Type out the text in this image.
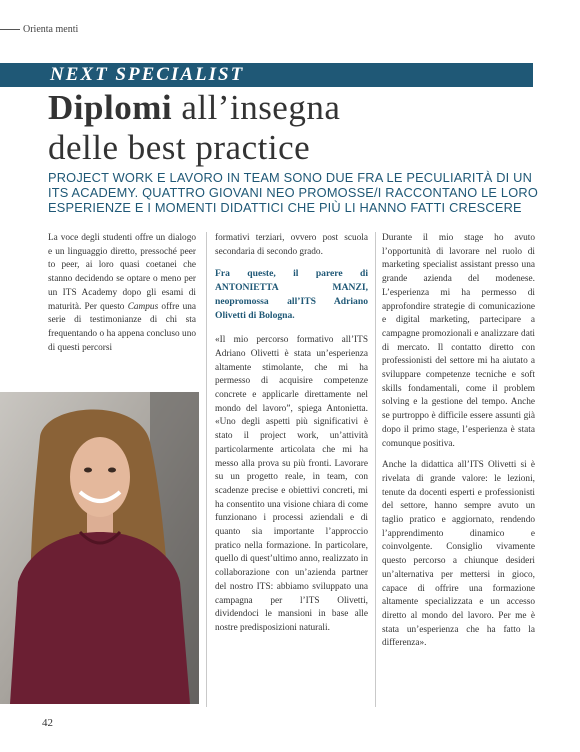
Orienta menti
NEXT SPECIALIST
Diplomi all’insegna
delle best practice
PROJECT WORK E LAVORO IN TEAM SONO DUE FRA LE PECULIARITÀ DI UN ITS ACADEMY. QUATTRO GIOVANI NEO PROMOSSE/I RACCONTANO LE LORO ESPERIENZE E I MOMENTI DIDATTICI CHE PIÙ LI HANNO FATTI CRESCERE

La voce degli studenti offre un dialogo e un linguaggio diretto, pressoché peer to peer, ai loro quasi coetanei che stanno decidendo se optare o meno per un ITS Academy dopo gli esami di maturità. Per questo Campus offre una serie di testimonianze di chi sta frequentando o ha appena concluso uno di questi percorsi

formativi terziari, ovvero post scuola secondaria di secondo grado.

Fra queste, il parere di ANTONIETTA MANZI, neopromossa all’ITS Adriano Olivetti di Bologna.

«Il mio percorso formativo all’ITS Adriano Olivetti è stata un’esperienza altamente stimolante, che mi ha permesso di acquisire competenze concrete e applicarle direttamente nel mondo del lavoro”, spiega Antonietta. «Uno degli aspetti più significativi è stato il project work, un’attività particolarmente articolata che mi ha messo alla prova su più fronti. Lavorare su un progetto reale, in team, con scadenze precise e obiettivi concreti, mi ha consentito una visione chiara di come funzionano i processi aziendali e di quanto sia importante l’approccio pratico nella formazione. In particolare, quello di quest’ultimo anno, realizzato in collaborazione con un’azienda partner del nostro ITS: abbiamo sviluppato una campagna per l’ITS Olivetti, dividendoci le mansioni in base alle nostre predisposizioni naturali.

Durante il mio stage ho avuto l’opportunità di lavorare nel ruolo di marketing specialist assistant presso una grande azienda del modenese. L’esperienza mi ha permesso di approfondire strategie di comunicazione e digital marketing, partecipare a campagne promozionali e analizzare dati di mercato. Il contatto diretto con professionisti del settore mi ha aiutato a sviluppare competenze tecniche e soft skills fondamentali, come il problem solving e la gestione del tempo. Anche se purtroppo è difficile essere assunti già dopo il primo stage, l’esperienza è stata comunque positiva.

Anche la didattica all’ITS Olivetti si è rivelata di grande valore: le lezioni, tenute da docenti esperti e professionisti del settore, hanno sempre avuto un taglio pratico e aggiornato, rendendo l’apprendimento dinamico e coinvolgente. Consiglio vivamente questo percorso a chiunque desideri un’alternativa per mettersi in gioco, capace di offrire una formazione altamente specializzata e un accesso diretto al mondo del lavoro. Per me è stata un’esperienza che ha fatto la differenza».

42
